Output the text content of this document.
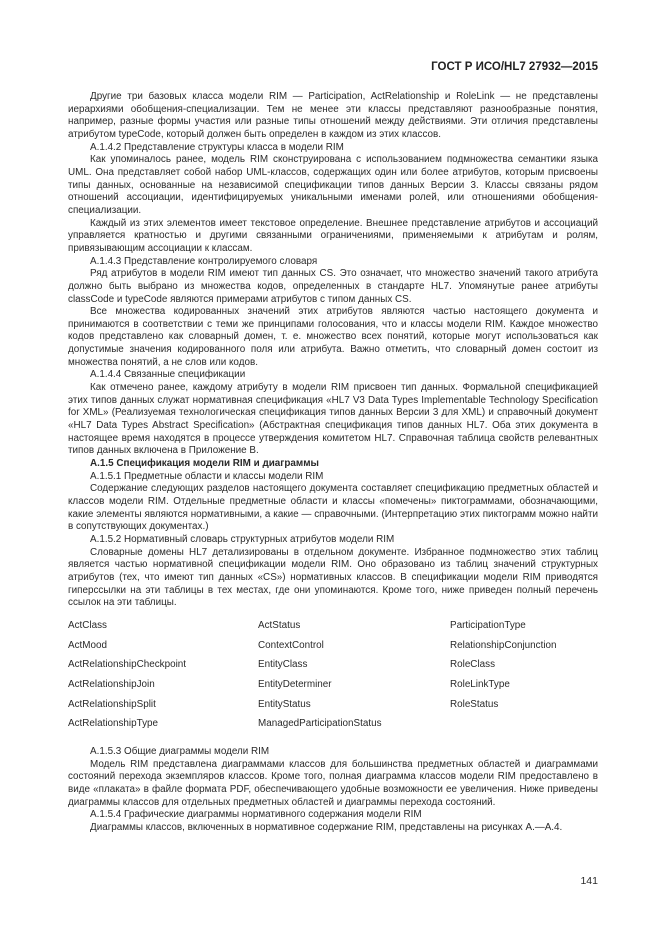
ГОСТ Р ИСО/HL7 27932—2015

Другие три базовых класса модели RIM — Participation, ActRelationship и RoleLink — не представлены иерархиями обобщения-специализации. Тем не менее эти классы представляют разнообразные понятия, например, разные формы участия или разные типы отношений между действиями. Эти отличия представлены атрибутом typeCode, который должен быть определен в каждом из этих классов.

А.1.4.2 Представление структуры класса в модели RIM

Как упоминалось ранее, модель RIM сконструирована с использованием подмножества семантики языка UML. Она представляет собой набор UML-классов, содержащих один или более атрибутов, которым присвоены типы данных, основанные на независимой спецификации типов данных Версии 3. Классы связаны рядом отношений ассоциации, идентифицируемых уникальными именами ролей, или отношениями обобщения-специализации.

Каждый из этих элементов имеет текстовое определение. Внешнее представление атрибутов и ассоциаций управляется кратностью и другими связанными ограничениями, применяемыми к атрибутам и ролям, привязывающим ассоциации к классам.

А.1.4.3 Представление контролируемого словаря

Ряд атрибутов в модели RIM имеют тип данных CS. Это означает, что множество значений такого атрибута должно быть выбрано из множества кодов, определенных в стандарте HL7. Упомянутые ранее атрибуты classCode и typeCode являются примерами атрибутов с типом данных CS.

Все множества кодированных значений этих атрибутов являются частью настоящего документа и принимаются в соответствии с теми же принципами голосования, что и классы модели RIM. Каждое множество кодов представлено как словарный домен, т. е. множество всех понятий, которые могут использоваться как допустимые значения кодированного поля или атрибута. Важно отметить, что словарный домен состоит из множества понятий, а не слов или кодов.

А.1.4.4 Связанные спецификации

Как отмечено ранее, каждому атрибуту в модели RIM присвоен тип данных. Формальной спецификацией этих типов данных служат нормативная спецификация «HL7 V3 Data Types Implementable Technology Specification for XML» (Реализуемая технологическая спецификация типов данных Версии 3 для XML) и справочный документ «HL7 Data Types Abstract Specification» (Абстрактная спецификация типов данных HL7. Оба этих документа в настоящее время находятся в процессе утверждения комитетом HL7. Справочная таблица свойств релевантных типов данных включена в Приложение В.

А.1.5 Спецификация модели RIM и диаграммы

А.1.5.1 Предметные области и классы модели RIM

Содержание следующих разделов настоящего документа составляет спецификацию предметных областей и классов модели RIM. Отдельные предметные области и классы «помечены» пиктограммами, обозначающими, какие элементы являются нормативными, а какие — справочными. (Интерпретацию этих пиктограмм можно найти в сопутствующих документах.)

А.1.5.2 Нормативный словарь структурных атрибутов модели RIM

Словарные домены HL7 детализированы в отдельном документе. Избранное подмножество этих таблиц является частью нормативной спецификации модели RIM. Оно образовано из таблиц значений структурных атрибутов (тех, что имеют тип данных «CS») нормативных классов. В спецификации модели RIM приводятся гиперссылки на эти таблицы в тех местах, где они упоминаются. Кроме того, ниже приведен полный перечень ссылок на эти таблицы.

ActClass	ActStatus	ParticipationType
ActMood	ContextControl	RelationshipConjunction
ActRelationshipCheckpoint	EntityClass	RoleClass
ActRelationshipJoin	EntityDeterminer	RoleLinkType
ActRelationshipSplit	EntityStatus	RoleStatus
ActRelationshipType	ManagedParticipationStatus

А.1.5.3 Общие диаграммы модели RIM

Модель RIM представлена диаграммами классов для большинства предметных областей и диаграммами состояний перехода экземпляров классов. Кроме того, полная диаграмма классов модели RIM предоставлено в виде «плаката» в файле формата PDF, обеспечивающего удобные возможности ее увеличения. Ниже приведены диаграммы классов для отдельных предметных областей и диаграммы перехода состояний.

А.1.5.4 Графические диаграммы нормативного содержания модели RIM

Диаграммы классов, включенных в нормативное содержание RIM, представлены на рисунках А.—А.4.

141
